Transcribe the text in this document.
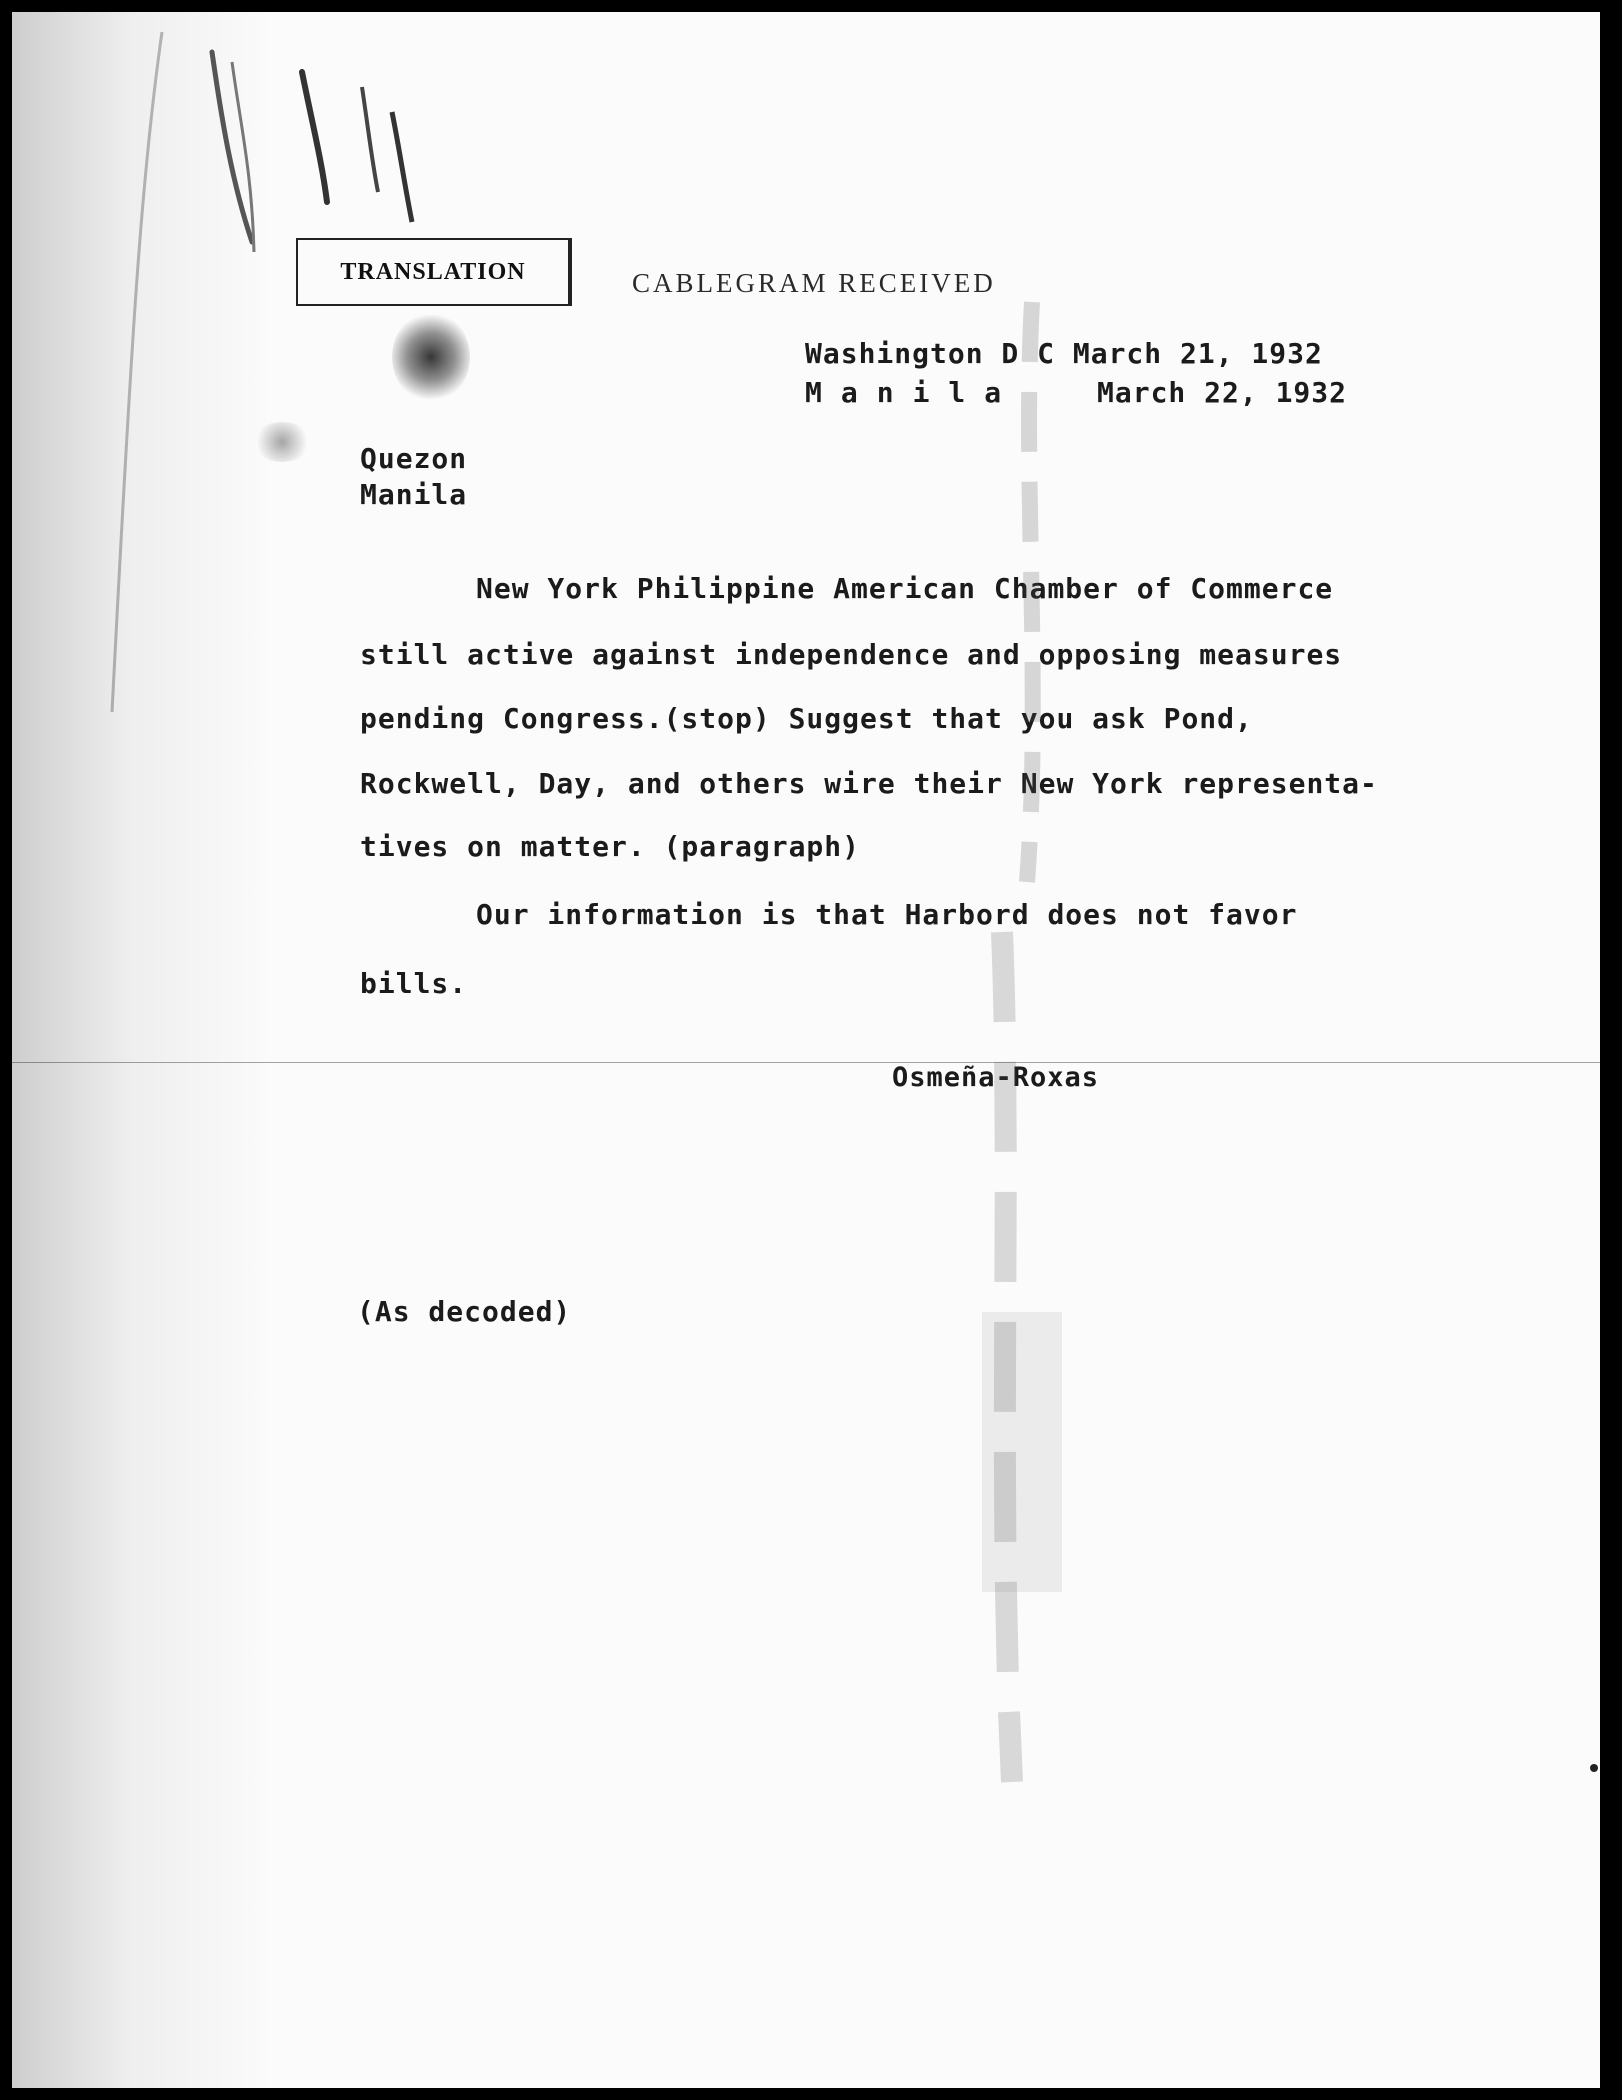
TRANSLATION	CABLEGRAM RECEIVED
Washington D C March 21, 1932
Manila	March 22, 1932
Quezon
Manila
New York Philippine American Chamber of Commerce
still active against independence and opposing measures
pending Congress.(stop) Suggest that you ask Pond,
Rockwell, Day, and others wire their New York representa-
tives on matter. (paragraph)
Our information is that Harbord does not favor
bills.
Osmeña-Roxas
(As decoded)
